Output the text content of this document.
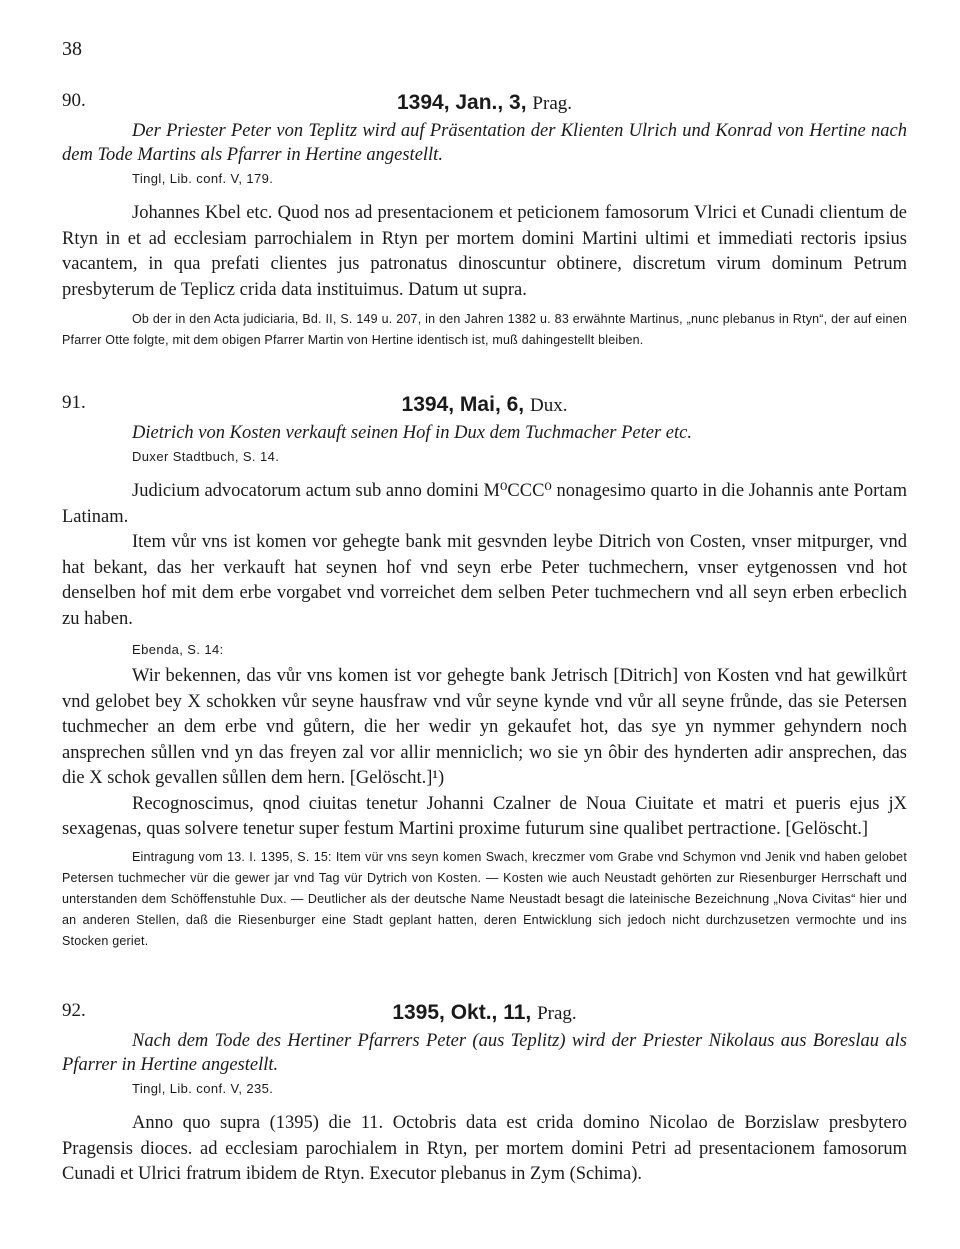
38
90.	1394, Jan., 3, Prag.

Der Priester Peter von Teplitz wird auf Präsentation der Klienten Ulrich und Konrad von Hertine nach dem Tode Martins als Pfarrer in Hertine angestellt.

Tingl, Lib. conf. V, 179.

Johannes Kbel etc. Quod nos ad presentacionem et peticionem famosorum Vlrici et Cunadi clientum de Rtyn in et ad ecclesiam parrochialem in Rtyn per mortem domini Martini ultimi et immediati rectoris ipsius vacantem, in qua prefati clientes jus patronatus dinoscuntur obtinere, discretum virum dominum Petrum presbyterum de Teplicz crida data instituimus. Datum ut supra.

Ob der in den Acta judiciaria, Bd. II, S. 149 u. 207, in den Jahren 1382 u. 83 erwähnte Martinus, „nunc plebanus in Rtyn“, der auf einen Pfarrer Otte folgte, mit dem obigen Pfarrer Martin von Hertine identisch ist, muß dahingestellt bleiben.

91.	1394, Mai, 6, Dux.

Dietrich von Kosten verkauft seinen Hof in Dux dem Tuchmacher Peter etc.

Duxer Stadtbuch, S. 14.

Judicium advocatorum actum sub anno domini M⁰CCC⁰ nonagesimo quarto in die Johannis ante Portam Latinam.

Item vůr vns ist komen vor gehegte bank mit gesvnden leybe Ditrich von Costen, vnser mitpurger, vnd hat bekant, das her verkauft hat seynen hof vnd seyn erbe Peter tuchmechern, vnser eytgenossen vnd hot denselben hof mit dem erbe vorgabet vnd vorreichet dem selben Peter tuchmechern vnd all seyn erben erbeclich zu haben.

Ebenda, S. 14:

Wir bekennen, das vůr vns komen ist vor gehegte bank Jetrisch [Ditrich] von Kosten vnd hat gewilkůrt vnd gelobet bey X schokken vůr seyne hausfraw vnd vůr seyne kynde vnd vůr all seyne frůnde, das sie Petersen tuchmecher an dem erbe vnd gůtern, die her wedir yn gekaufet hot, das sye yn nymmer gehyndern noch ansprechen sůllen vnd yn das freyen zal vor allir menniclich; wo sie yn ôbir des hynderten adir ansprechen, das die X schok gevallen sůllen dem hern. [Gelöscht.]¹)

Recognoscimus, qnod ciuitas tenetur Johanni Czalner de Noua Ciuitate et matri et pueris ejus jX sexagenas, quas solvere tenetur super festum Martini proxime futurum sine qualibet pertractione. [Gelöscht.]

Eintragung vom 13. I. 1395, S. 15: Item vür vns seyn komen Swach, kreczmer vom Grabe vnd Schymon vnd Jenik vnd haben gelobet Petersen tuchmecher vür die gewer jar vnd Tag vür Dytrich von Kosten. — Kosten wie auch Neustadt gehörten zur Riesenburger Herrschaft und unterstanden dem Schöffenstuhle Dux. — Deutlicher als der deutsche Name Neustadt besagt die lateinische Bezeichnung „Nova Civitas“ hier und an anderen Stellen, daß die Riesenburger eine Stadt geplant hatten, deren Entwicklung sich jedoch nicht durchzusetzen vermochte und ins Stocken geriet.

92.	1395, Okt., 11, Prag.

Nach dem Tode des Hertiner Pfarrers Peter (aus Teplitz) wird der Priester Nikolaus aus Boreslau als Pfarrer in Hertine angestellt.

Tingl, Lib. conf. V, 235.

Anno quo supra (1395) die 11. Octobris data est crida domino Nicolao de Borzislaw presbytero Pragensis dioces. ad ecclesiam parochialem in Rtyn, per mortem domini Petri ad presentacionem famosorum Cunadi et Ulrici fratrum ibidem de Rtyn. Executor plebanus in Zym (Schima).
